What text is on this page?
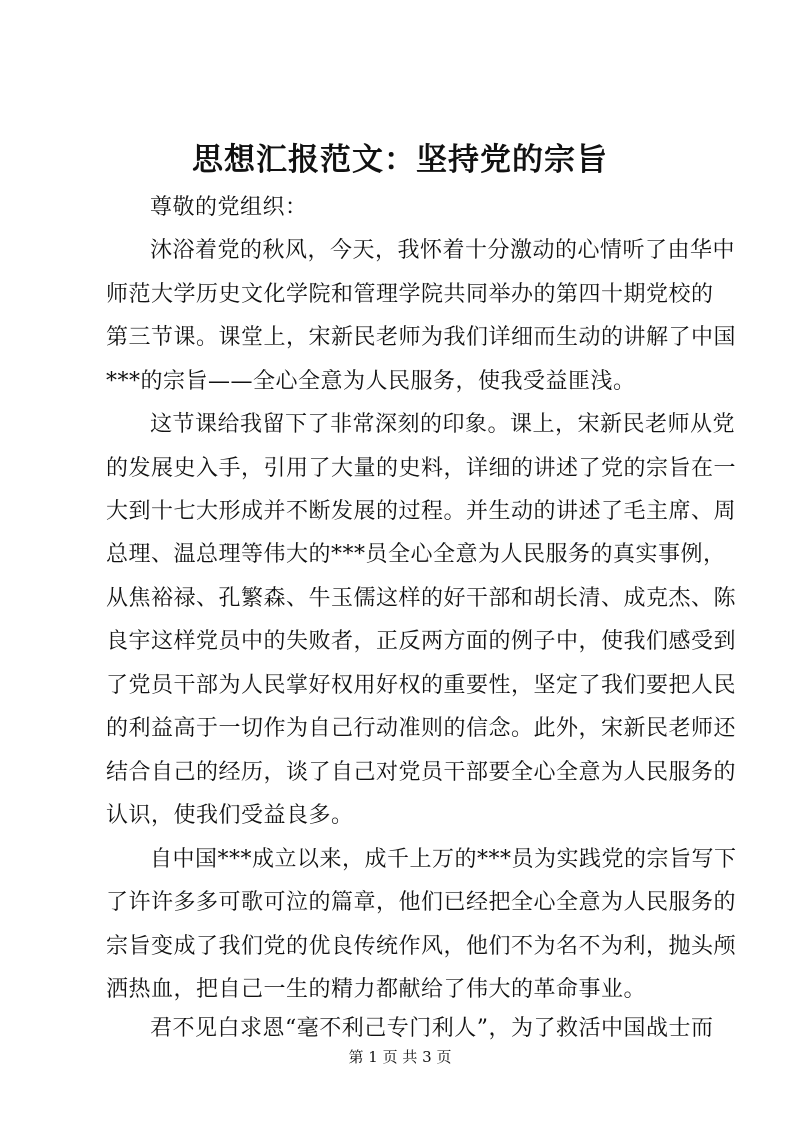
思想汇报范文：坚持党的宗旨
尊敬的党组织：
沐浴着党的秋风，今天，我怀着十分激动的心情听了由华中
师范大学历史文化学院和管理学院共同举办的第四十期党校的
第三节课。课堂上，宋新民老师为我们详细而生动的讲解了中国
***的宗旨——全心全意为人民服务，使我受益匪浅。
这节课给我留下了非常深刻的印象。课上，宋新民老师从党
的发展史入手，引用了大量的史料，详细的讲述了党的宗旨在一
大到十七大形成并不断发展的过程。并生动的讲述了毛主席、周
总理、温总理等伟大的***员全心全意为人民服务的真实事例，
从焦裕禄、孔繁森、牛玉儒这样的好干部和胡长清、成克杰、陈
良宇这样党员中的失败者，正反两方面的例子中，使我们感受到
了党员干部为人民掌好权用好权的重要性，坚定了我们要把人民
的利益高于一切作为自己行动准则的信念。此外，宋新民老师还
结合自己的经历，谈了自己对党员干部要全心全意为人民服务的
认识，使我们受益良多。
自中国***成立以来，成千上万的***员为实践党的宗旨写下
了许许多多可歌可泣的篇章，他们已经把全心全意为人民服务的
宗旨变成了我们党的优良传统作风，他们不为名不为利，抛头颅
洒热血，把自己一生的精力都献给了伟大的革命事业。
君不见白求恩“毫不利己专门利人”，为了救活中国战士而
第 1 页 共 3 页
